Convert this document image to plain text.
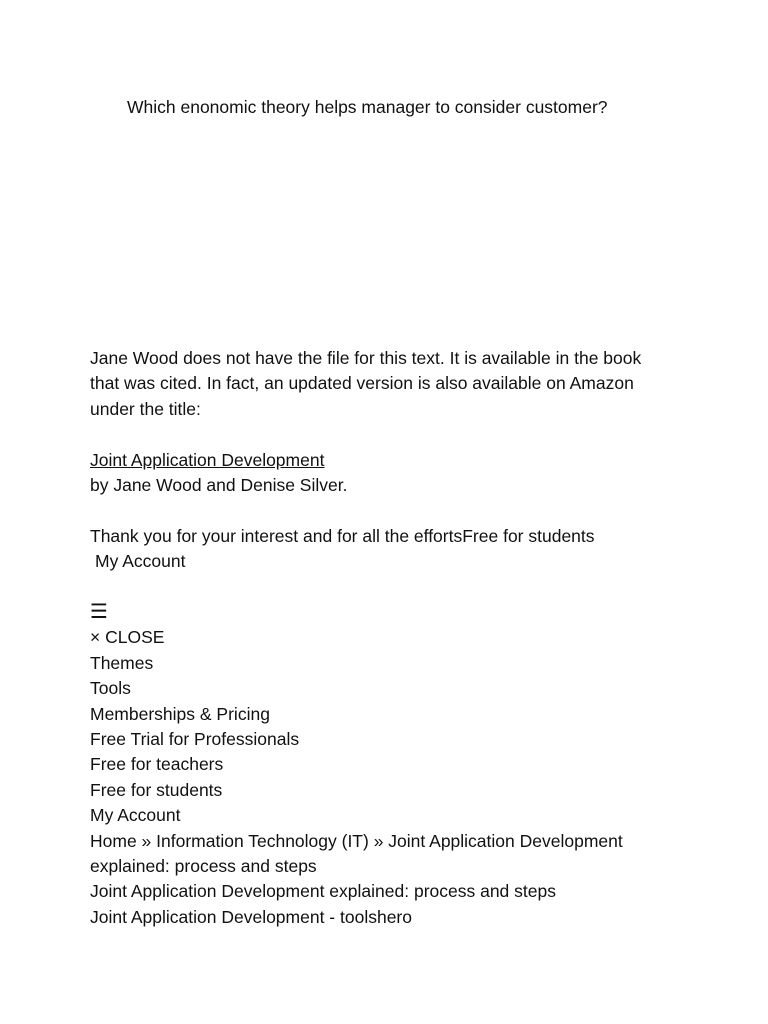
Which enonomic theory helps manager to consider customer?
Jane Wood does not have the file for this text. It is available in the book
that was cited. In fact, an updated version is also available on Amazon
under the title:
Joint Application Development
by Jane Wood and Denise Silver.
Thank you for your interest and for all the effortsFree for students
My Account
☰
× CLOSE
Themes
Tools
Memberships & Pricing
Free Trial for Professionals
Free for teachers
Free for students
My Account
Home » Information Technology (IT) » Joint Application Development
explained: process and steps
Joint Application Development explained: process and steps
Joint Application Development - toolshero
